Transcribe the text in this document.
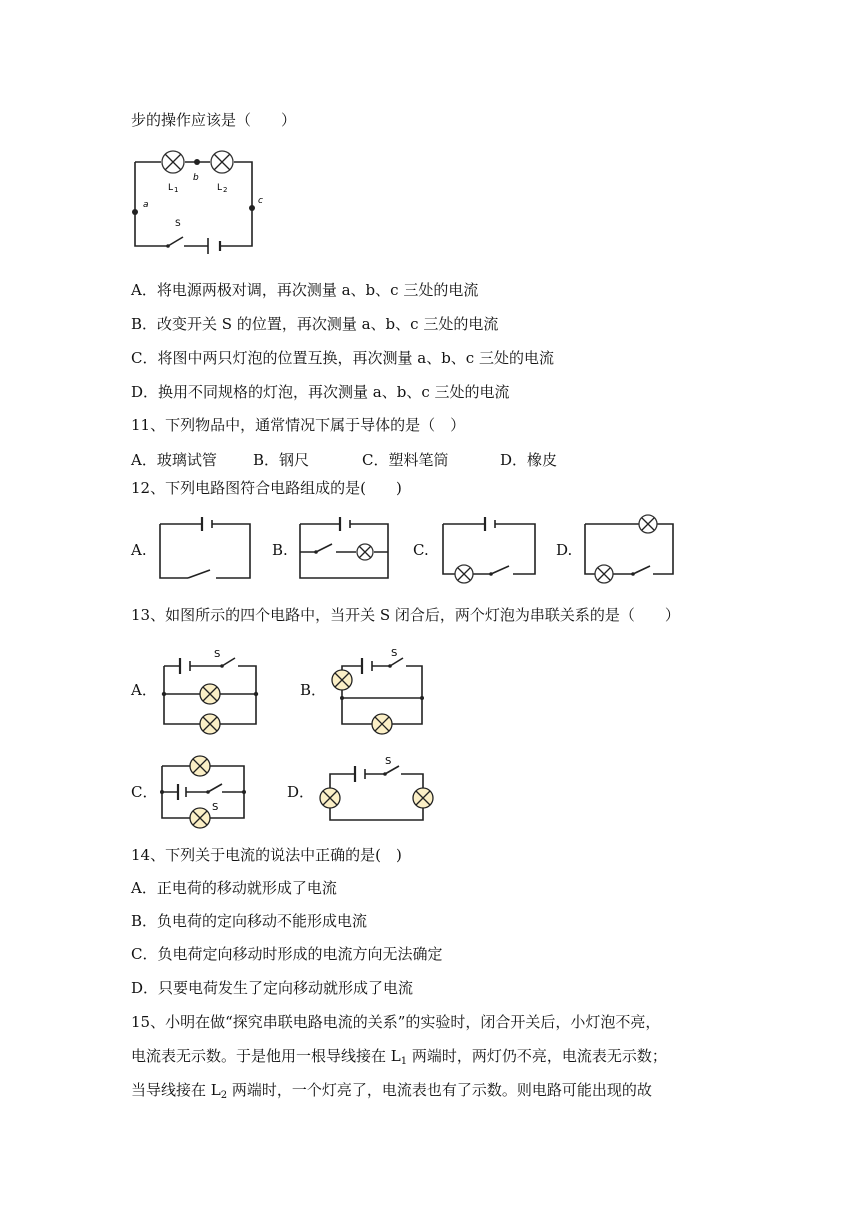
步的操作应该是（　　）
L 1
b
L 2
a	c
S
A．将电源两极对调，再次测量 a、b、c 三处的电流
B．改变开关 S 的位置，再次测量 a、b、c 三处的电流
C．将图中两只灯泡的位置互换，再次测量 a、b、c 三处的电流
D．换用不同规格的灯泡，再次测量 a、b、c 三处的电流
11、下列物品中，通常情况下属于导体的是（　）
A．玻璃试管 B．钢尺	C．塑料笔筒	D．橡皮
12、下列电路图符合电路组成的是(　　)
A.	B.	C.	D.
13、如图所示的四个电路中，当开关 S 闭合后，两个灯泡为串联关系的是（　　）
A．	B．
C．	D．
S	S
S
S
14、下列关于电流的说法中正确的是(　)
A．正电荷的移动就形成了电流
B．负电荷的定向移动不能形成电流
C．负电荷定向移动时形成的电流方向无法确定
D．只要电荷发生了定向移动就形成了电流
15、小明在做“探究串联电路电流的关系”的实验时，闭合开关后，小灯泡不亮，
电流表无示数。于是他用一根导线接在 $L_1$ 两端时，两灯仍不亮，电流表无示数；
当导线接在 $L_2$ 两端时，一个灯亮了，电流表也有了示数。则电路可能出现的故
